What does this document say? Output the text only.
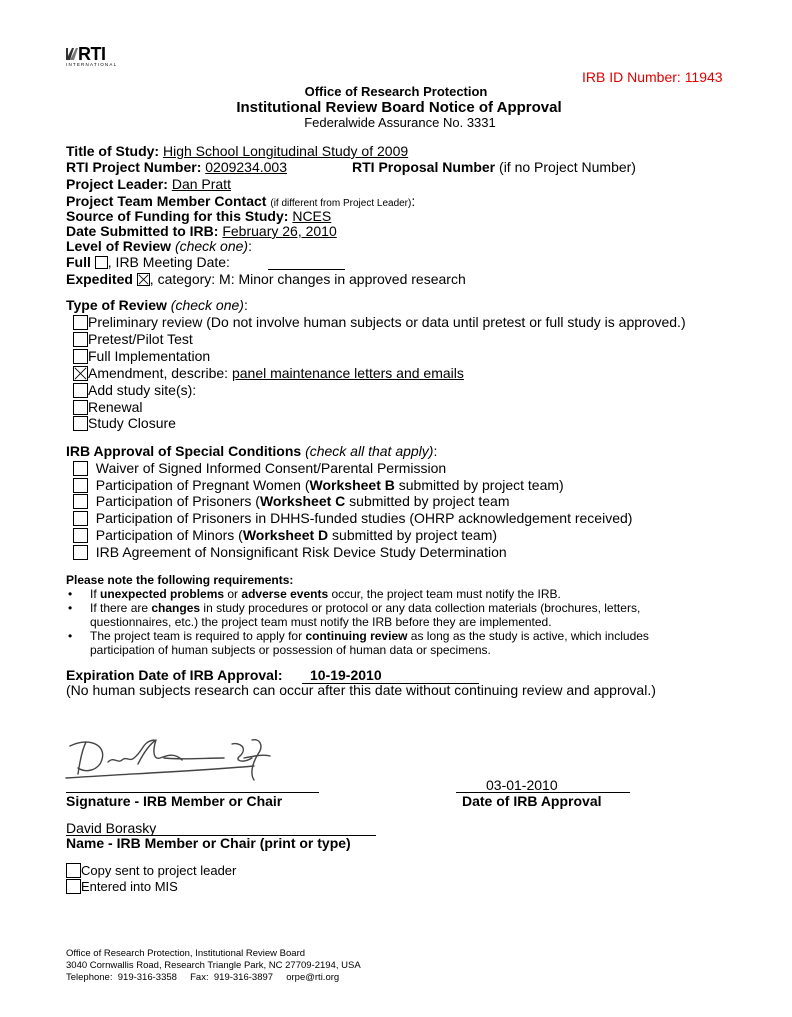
RTI
INTERNATIONAL
IRB ID Number: 11943
Office of Research Protection
Institutional Review Board Notice of Approval
Federalwide Assurance No. 3331
Title of Study: High School Longitudinal Study of 2009
RTI Project Number: 0209234.003	RTI Proposal Number (if no Project Number)
Project Leader: Dan Pratt
Project Team Member Contact (if different from Project Leader):
Source of Funding for this Study: NCES
Date Submitted to IRB: February 26, 2010
Level of Review (check one):
Full , IRB Meeting Date:
Expedited , category: M: Minor changes in approved research
Type of Review (check one):
Preliminary review (Do not involve human subjects or data until pretest or full study is approved.)
Pretest/Pilot Test
Full Implementation
Amendment, describe: panel maintenance letters and emails
Add study site(s):
Renewal
Study Closure
IRB Approval of Special Conditions (check all that apply):
Waiver of Signed Informed Consent/Parental Permission
Participation of Pregnant Women (Worksheet B submitted by project team)
Participation of Prisoners (Worksheet C submitted by project team
Participation of Prisoners in DHHS-funded studies (OHRP acknowledgement received)
Participation of Minors (Worksheet D submitted by project team)
IRB Agreement of Nonsignificant Risk Device Study Determination
Please note the following requirements:
• If unexpected problems or adverse events occur, the project team must notify the IRB.
• If there are changes in study procedures or protocol or any data collection materials (brochures, letters,
questionnaires, etc.) the project team must notify the IRB before they are implemented.
• The project team is required to apply for continuing review as long as the study is active, which includes
participation of human subjects or possession of human data or specimens.
Expiration Date of IRB Approval: 10-19-2010
(No human subjects research can occur after this date without continuing review and approval.)
Signature - IRB Member or Chair
03-01-2010
Date of IRB Approval
David Borasky
Name - IRB Member or Chair (print or type)
Copy sent to project leader
Entered into MIS
Office of Research Protection, Institutional Review Board
3040 Cornwallis Road, Research Triangle Park, NC 27709-2194, USA
Telephone:  919-316-3358     Fax:  919-316-3897     orpe@rti.org
